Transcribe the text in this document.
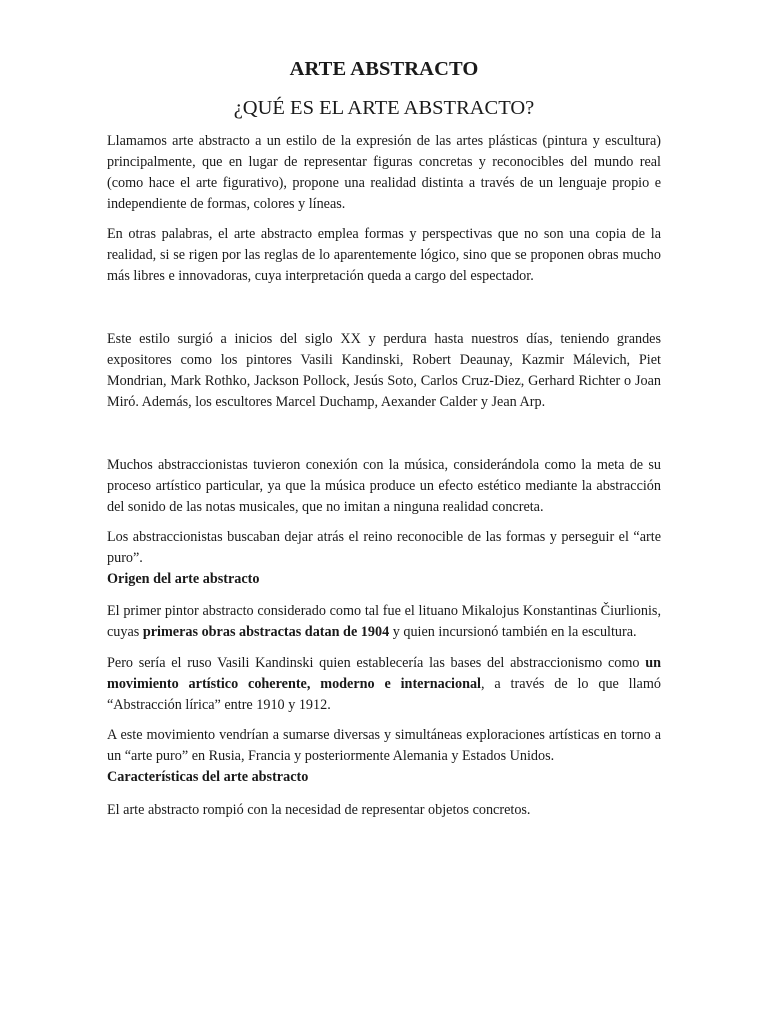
ARTE ABSTRACTO
¿QUÉ ES EL ARTE ABSTRACTO?

Llamamos arte abstracto a un estilo de la expresión de las artes plásticas (pintura y escultura) principalmente, que en lugar de representar figuras concretas y reconocibles del mundo real (como hace el arte figurativo), propone una realidad distinta a través de un lenguaje propio e independiente de formas, colores y líneas.

En otras palabras, el arte abstracto emplea formas y perspectivas que no son una copia de la realidad, si se rigen por las reglas de lo aparentemente lógico, sino que se proponen obras mucho más libres e innovadoras, cuya interpretación queda a cargo del espectador.

Este estilo surgió a inicios del siglo XX y perdura hasta nuestros días, teniendo grandes expositores como los pintores Vasili Kandinski, Robert Deaunay, Kazmir Málevich, Piet Mondrian, Mark Rothko, Jackson Pollock, Jesús Soto, Carlos Cruz-Diez, Gerhard Richter o Joan Miró. Además, los escultores Marcel Duchamp, Aexander Calder y Jean Arp.

Muchos abstraccionistas tuvieron conexión con la música, considerándola como la meta de su proceso artístico particular, ya que la música produce un efecto estético mediante la abstracción del sonido de las notas musicales, que no imitan a ninguna realidad concreta.

Los abstraccionistas buscaban dejar atrás el reino reconocible de las formas y perseguir el “arte puro”.

Origen del arte abstracto

El primer pintor abstracto considerado como tal fue el lituano Mikalojus Konstantinas Čiurlionis, cuyas primeras obras abstractas datan de 1904 y quien incursionó también en la escultura.

Pero sería el ruso Vasili Kandinski quien establecería las bases del abstraccionismo como un movimiento artístico coherente, moderno e internacional, a través de lo que llamó “Abstracción lírica” entre 1910 y 1912.

A este movimiento vendrían a sumarse diversas y simultáneas exploraciones artísticas en torno a un “arte puro” en Rusia, Francia y posteriormente Alemania y Estados Unidos.

Características del arte abstracto

El arte abstracto rompió con la necesidad de representar objetos concretos.
